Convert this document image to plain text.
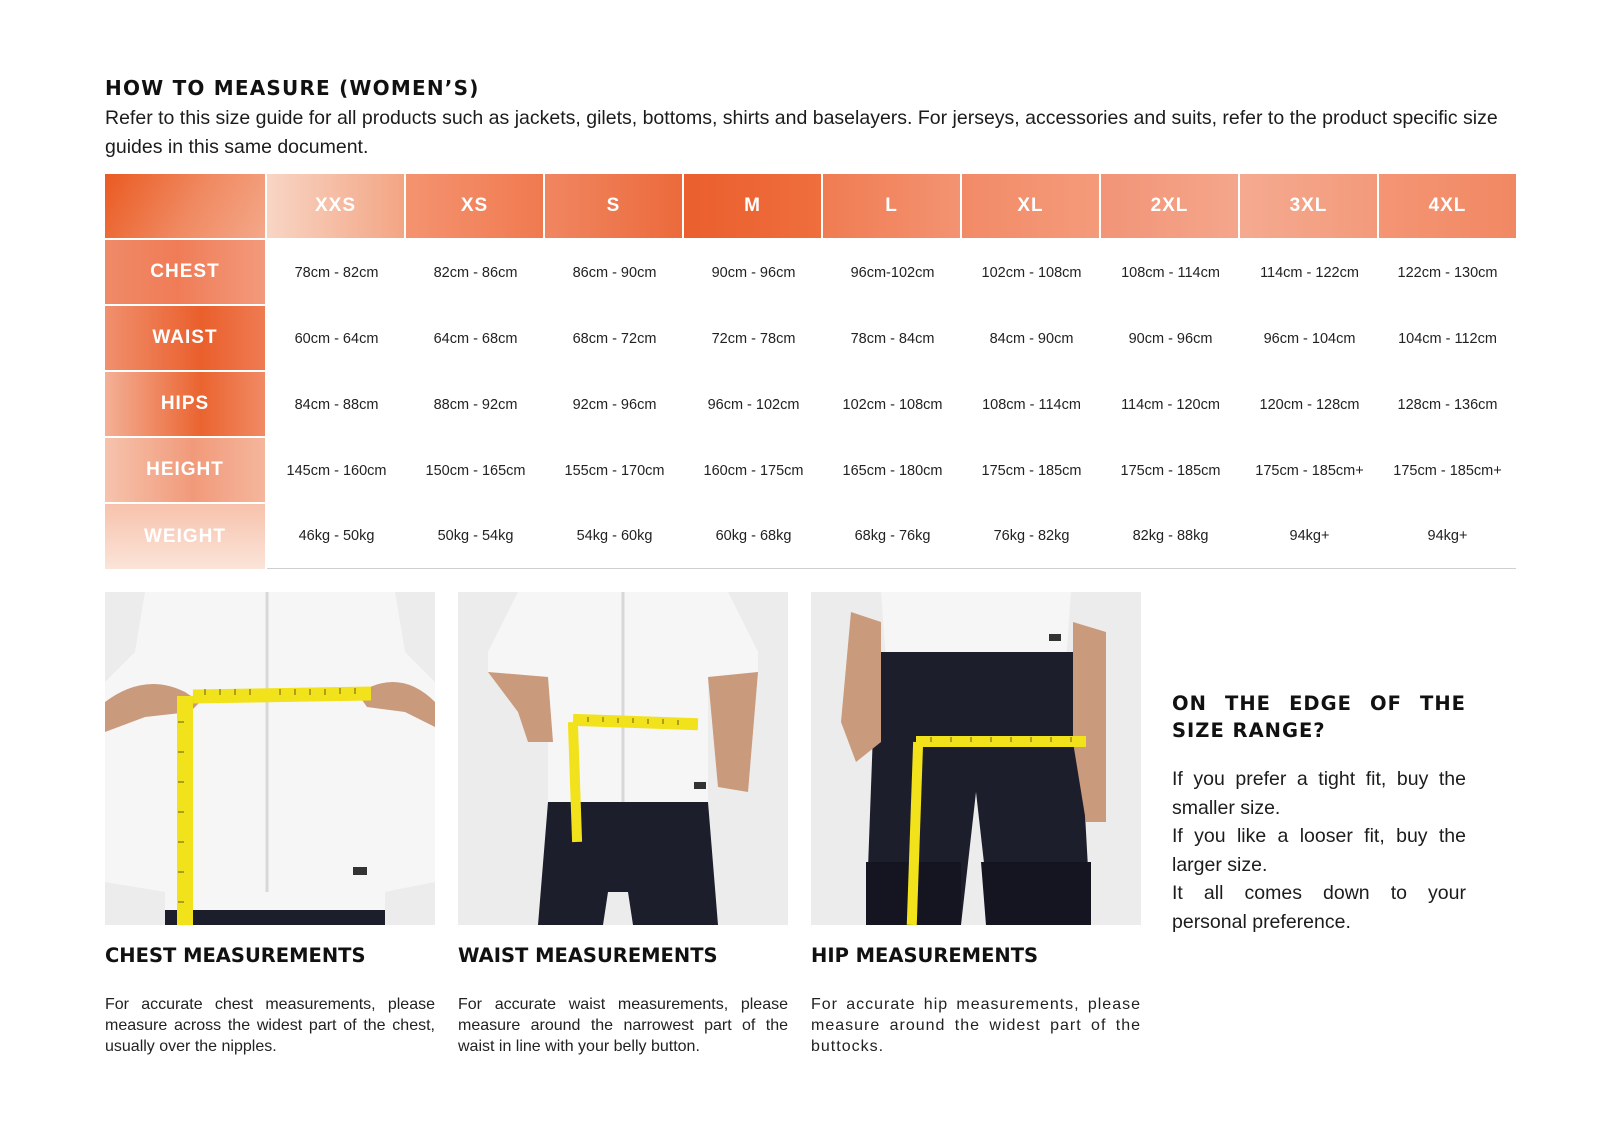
HOW TO MEASURE (WOMEN’S)
Refer to this size guide for all products such as jackets, gilets, bottoms, shirts and baselayers. For jerseys, accessories and suits, refer to the product specific size guides in this same document.
	XXS	XS	S	M	L	XL	2XL	3XL	4XL
CHEST	78cm - 82cm	82cm - 86cm	86cm - 90cm	90cm - 96cm	96cm-102cm	102cm - 108cm	108cm - 114cm	114cm - 122cm	122cm - 130cm
WAIST	60cm - 64cm	64cm - 68cm	68cm - 72cm	72cm - 78cm	78cm - 84cm	84cm - 90cm	90cm - 96cm	96cm - 104cm	104cm - 112cm
HIPS	84cm - 88cm	88cm - 92cm	92cm - 96cm	96cm - 102cm	102cm - 108cm	108cm - 114cm	114cm - 120cm	120cm - 128cm	128cm - 136cm
HEIGHT	145cm - 160cm	150cm - 165cm	155cm - 170cm	160cm - 175cm	165cm - 180cm	175cm - 185cm	175cm - 185cm	175cm - 185cm+	175cm - 185cm+
WEIGHT	46kg - 50kg	50kg - 54kg	54kg - 60kg	60kg - 68kg	68kg - 76kg	76kg - 82kg	82kg - 88kg	94kg+	94kg+
CHEST MEASUREMENTS
For accurate chest measurements, please measure across the widest part of the chest, usually over the nipples.
WAIST MEASUREMENTS
For accurate waist measurements, please measure around the narrowest part of the waist in line with your belly button.
HIP MEASUREMENTS
For accurate hip measurements, please measure around the widest part of the buttocks.
ON THE EDGE OF THE SIZE RANGE?

If you prefer a tight fit, buy the smaller size.

If you like a looser fit, buy the larger size.

It all comes down to your personal preference.
